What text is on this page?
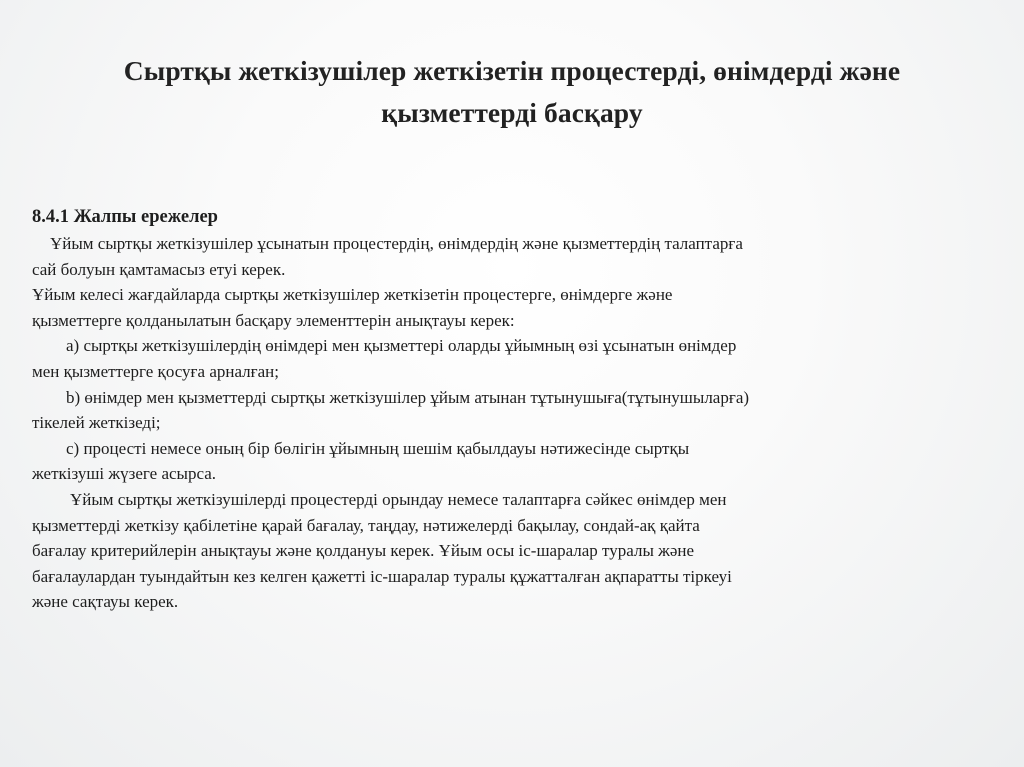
Сыртқы жеткізушілер жеткізетін процестерді, өнімдерді және
қызметтерді басқару

8.4.1 Жалпы ережелер

Ұйым сыртқы жеткізушілер ұсынатын процестердің, өнімдердің және қызметтердің талаптарға

сай болуын қамтамасыз етуі керек.

Ұйым келесі жағдайларда сыртқы жеткізушілер жеткізетін процестерге, өнімдерге және

қызметтерге қолданылатын басқару элементтерін анықтауы керек:

а) сыртқы жеткізушілердің өнімдері мен қызметтері оларды ұйымның өзі ұсынатын өнімдер

мен қызметтерге қосуға арналған;

b) өнімдер мен қызметтерді сыртқы жеткізушілер ұйым атынан тұтынушыға(тұтынушыларға)

тікелей жеткізеді;

c) процесті немесе оның бір бөлігін ұйымның шешім қабылдауы нәтижесінде сыртқы

жеткізуші жүзеге асырса.

Ұйым сыртқы жеткізушілерді процестерді орындау немесе талаптарға сәйкес өнімдер мен

қызметтерді жеткізу қабілетіне қарай бағалау, таңдау, нәтижелерді бақылау, сондай-ақ қайта

бағалау критерийлерін анықтауы және қолдануы керек. Ұйым осы іс-шаралар туралы және

бағалаулардан туындайтын кез келген қажетті іс-шаралар туралы құжатталған ақпаратты тіркеуі

және сақтауы керек.
